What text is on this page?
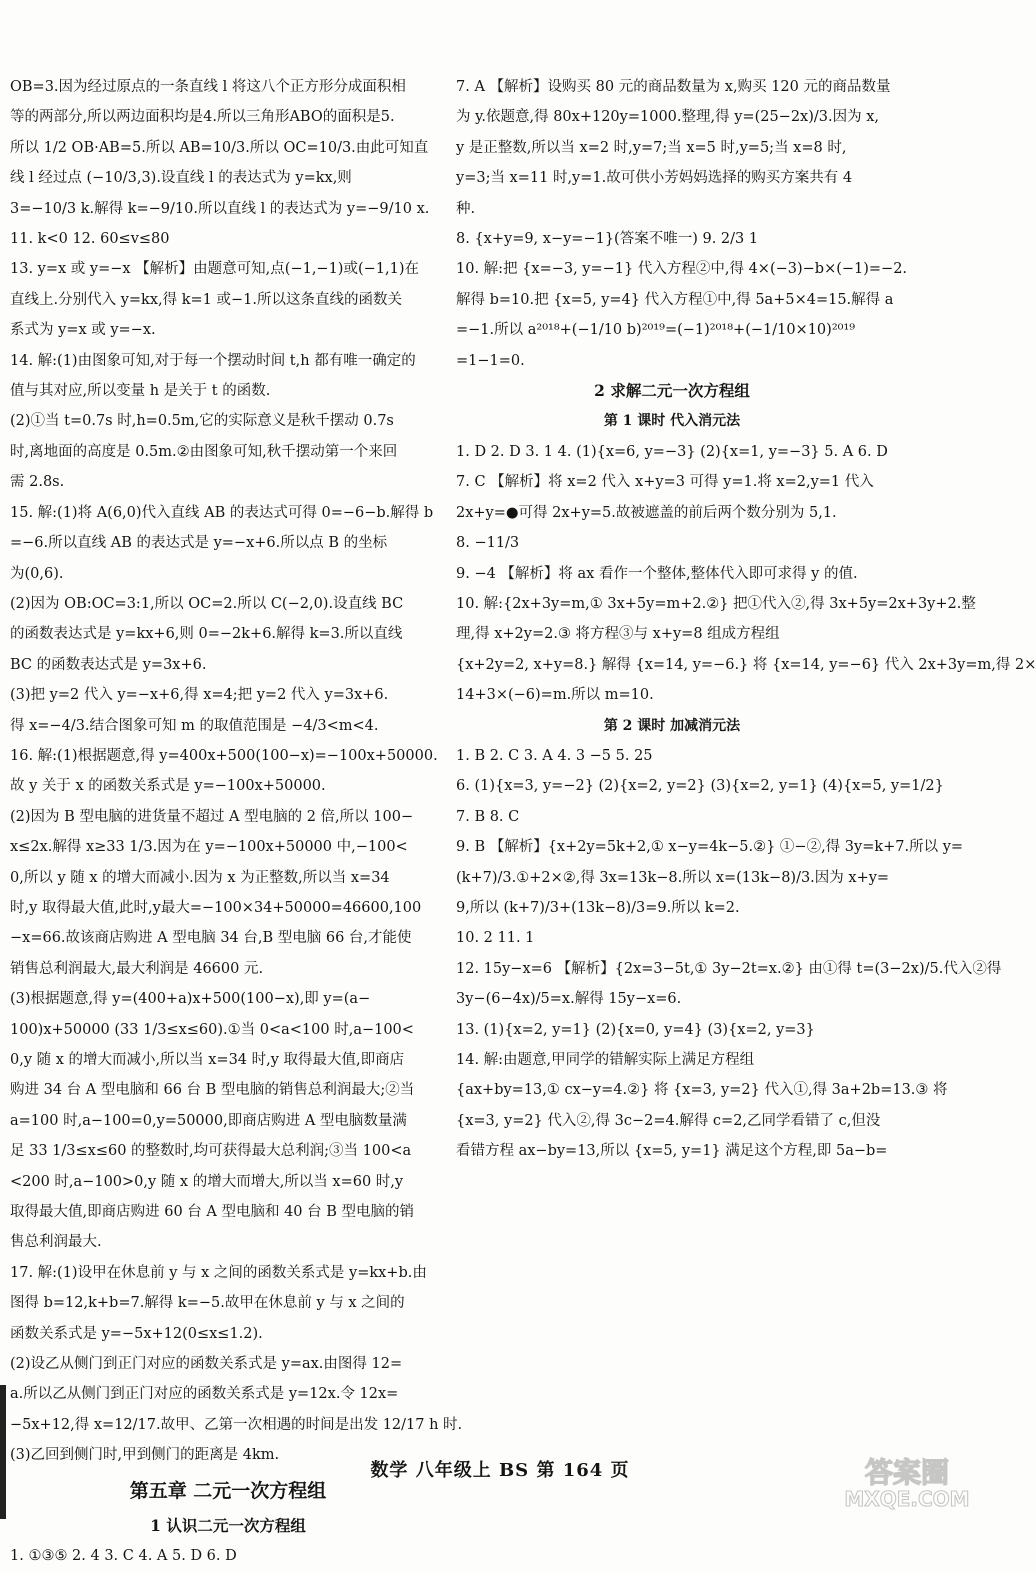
OB=3.因为经过原点的一条直线 l 将这八个正方形分成面积相
等的两部分,所以两边面积均是4.所以三角形ABO的面积是5.
所以 1/2 OB·AB=5.所以 AB=10/3.所以 OC=10/3.由此可知直
线 l 经过点 (−10/3,3).设直线 l 的表达式为 y=kx,则
3=−10/3 k.解得 k=−9/10.所以直线 l 的表达式为 y=−9/10 x.
11. k<0 12. 60≤v≤80
13. y=x 或 y=−x 【解析】由题意可知,点(−1,−1)或(−1,1)在
直线上.分别代入 y=kx,得 k=1 或−1.所以这条直线的函数关
系式为 y=x 或 y=−x.
14. 解:(1)由图象可知,对于每一个摆动时间 t,h 都有唯一确定的
值与其对应,所以变量 h 是关于 t 的函数.
(2)①当 t=0.7s 时,h=0.5m,它的实际意义是秋千摆动 0.7s
时,离地面的高度是 0.5m.②由图象可知,秋千摆动第一个来回
需 2.8s.
15. 解:(1)将 A(6,0)代入直线 AB 的表达式可得 0=−6−b.解得 b
=−6.所以直线 AB 的表达式是 y=−x+6.所以点 B 的坐标
为(0,6).
(2)因为 OB:OC=3:1,所以 OC=2.所以 C(−2,0).设直线 BC
的函数表达式是 y=kx+6,则 0=−2k+6.解得 k=3.所以直线
BC 的函数表达式是 y=3x+6.
(3)把 y=2 代入 y=−x+6,得 x=4;把 y=2 代入 y=3x+6.
得 x=−4/3.结合图象可知 m 的取值范围是 −4/3<m<4.
16. 解:(1)根据题意,得 y=400x+500(100−x)=−100x+50000.
故 y 关于 x 的函数关系式是 y=−100x+50000.
(2)因为 B 型电脑的进货量不超过 A 型电脑的 2 倍,所以 100−
x≤2x.解得 x≥33 1/3.因为在 y=−100x+50000 中,−100<
0,所以 y 随 x 的增大而减小.因为 x 为正整数,所以当 x=34
时,y 取得最大值,此时,y最大=−100×34+50000=46600,100
−x=66.故该商店购进 A 型电脑 34 台,B 型电脑 66 台,才能使
销售总利润最大,最大利润是 46600 元.
(3)根据题意,得 y=(400+a)x+500(100−x),即 y=(a−
100)x+50000 (33 1/3≤x≤60).①当 0<a<100 时,a−100<
0,y 随 x 的增大而减小,所以当 x=34 时,y 取得最大值,即商店
购进 34 台 A 型电脑和 66 台 B 型电脑的销售总利润最大;②当
a=100 时,a−100=0,y=50000,即商店购进 A 型电脑数量满
足 33 1/3≤x≤60 的整数时,均可获得最大总利润;③当 100<a
<200 时,a−100>0,y 随 x 的增大而增大,所以当 x=60 时,y
取得最大值,即商店购进 60 台 A 型电脑和 40 台 B 型电脑的销
售总利润最大.
17. 解:(1)设甲在休息前 y 与 x 之间的函数关系式是 y=kx+b.由
图得 b=12,k+b=7.解得 k=−5.故甲在休息前 y 与 x 之间的
函数关系式是 y=−5x+12(0≤x≤1.2).
(2)设乙从侧门到正门对应的函数关系式是 y=ax.由图得 12=
a.所以乙从侧门到正门对应的函数关系式是 y=12x.令 12x=
−5x+12,得 x=12/17.故甲、乙第一次相遇的时间是出发 12/17 h 时.
(3)乙回到侧门时,甲到侧门的距离是 4km.
第五章 二元一次方程组
1 认识二元一次方程组
1. ①③⑤ 2. 4 3. C 4. A 5. D 6. D
7. A 【解析】设购买 80 元的商品数量为 x,购买 120 元的商品数量
为 y.依题意,得 80x+120y=1000.整理,得 y=(25−2x)/3.因为 x,
y 是正整数,所以当 x=2 时,y=7;当 x=5 时,y=5;当 x=8 时,
y=3;当 x=11 时,y=1.故可供小芳妈妈选择的购买方案共有 4
种.
8. {x+y=9, x−y=−1}(答案不唯一) 9. 2/3 1
10. 解:把 {x=−3, y=−1} 代入方程②中,得 4×(−3)−b×(−1)=−2.
解得 b=10.把 {x=5, y=4} 代入方程①中,得 5a+5×4=15.解得 a
=−1.所以 a²⁰¹⁸+(−1/10 b)²⁰¹⁹=(−1)²⁰¹⁸+(−1/10×10)²⁰¹⁹
=1−1=0.
2 求解二元一次方程组
第 1 课时 代入消元法
1. D 2. D 3. 1 4. (1){x=6, y=−3} (2){x=1, y=−3} 5. A 6. D
7. C 【解析】将 x=2 代入 x+y=3 可得 y=1.将 x=2,y=1 代入
2x+y=●可得 2x+y=5.故被遮盖的前后两个数分别为 5,1.
8. −11/3
9. −4 【解析】将 ax 看作一个整体,整体代入即可求得 y 的值.
10. 解:{2x+3y=m,① 3x+5y=m+2.②} 把①代入②,得 3x+5y=2x+3y+2.整
理,得 x+2y=2.③ 将方程③与 x+y=8 组成方程组
{x+2y=2, x+y=8.} 解得 {x=14, y=−6.} 将 {x=14, y=−6} 代入 2x+3y=m,得 2×
14+3×(−6)=m.所以 m=10.
第 2 课时 加减消元法
1. B 2. C 3. A 4. 3 −5 5. 25
6. (1){x=3, y=−2} (2){x=2, y=2} (3){x=2, y=1} (4){x=5, y=1/2}
7. B 8. C
9. B 【解析】{x+2y=5k+2,① x−y=4k−5.②} ①−②,得 3y=k+7.所以 y=
(k+7)/3.①+2×②,得 3x=13k−8.所以 x=(13k−8)/3.因为 x+y=
9,所以 (k+7)/3+(13k−8)/3=9.所以 k=2.
10. 2 11. 1
12. 15y−x=6 【解析】{2x=3−5t,① 3y−2t=x.②} 由①得 t=(3−2x)/5.代入②得
3y−(6−4x)/5=x.解得 15y−x=6.
13. (1){x=2, y=1} (2){x=0, y=4} (3){x=2, y=3}
14. 解:由题意,甲同学的错解实际上满足方程组
{ax+by=13,① cx−y=4.②} 将 {x=3, y=2} 代入①,得 3a+2b=13.③ 将
{x=3, y=2} 代入②,得 3c−2=4.解得 c=2,乙同学看错了 c,但没
看错方程 ax−by=13,所以 {x=5, y=1} 满足这个方程,即 5a−b=
数学 八年级上 BS 第 164 页	答案圈
MXQE.COM
